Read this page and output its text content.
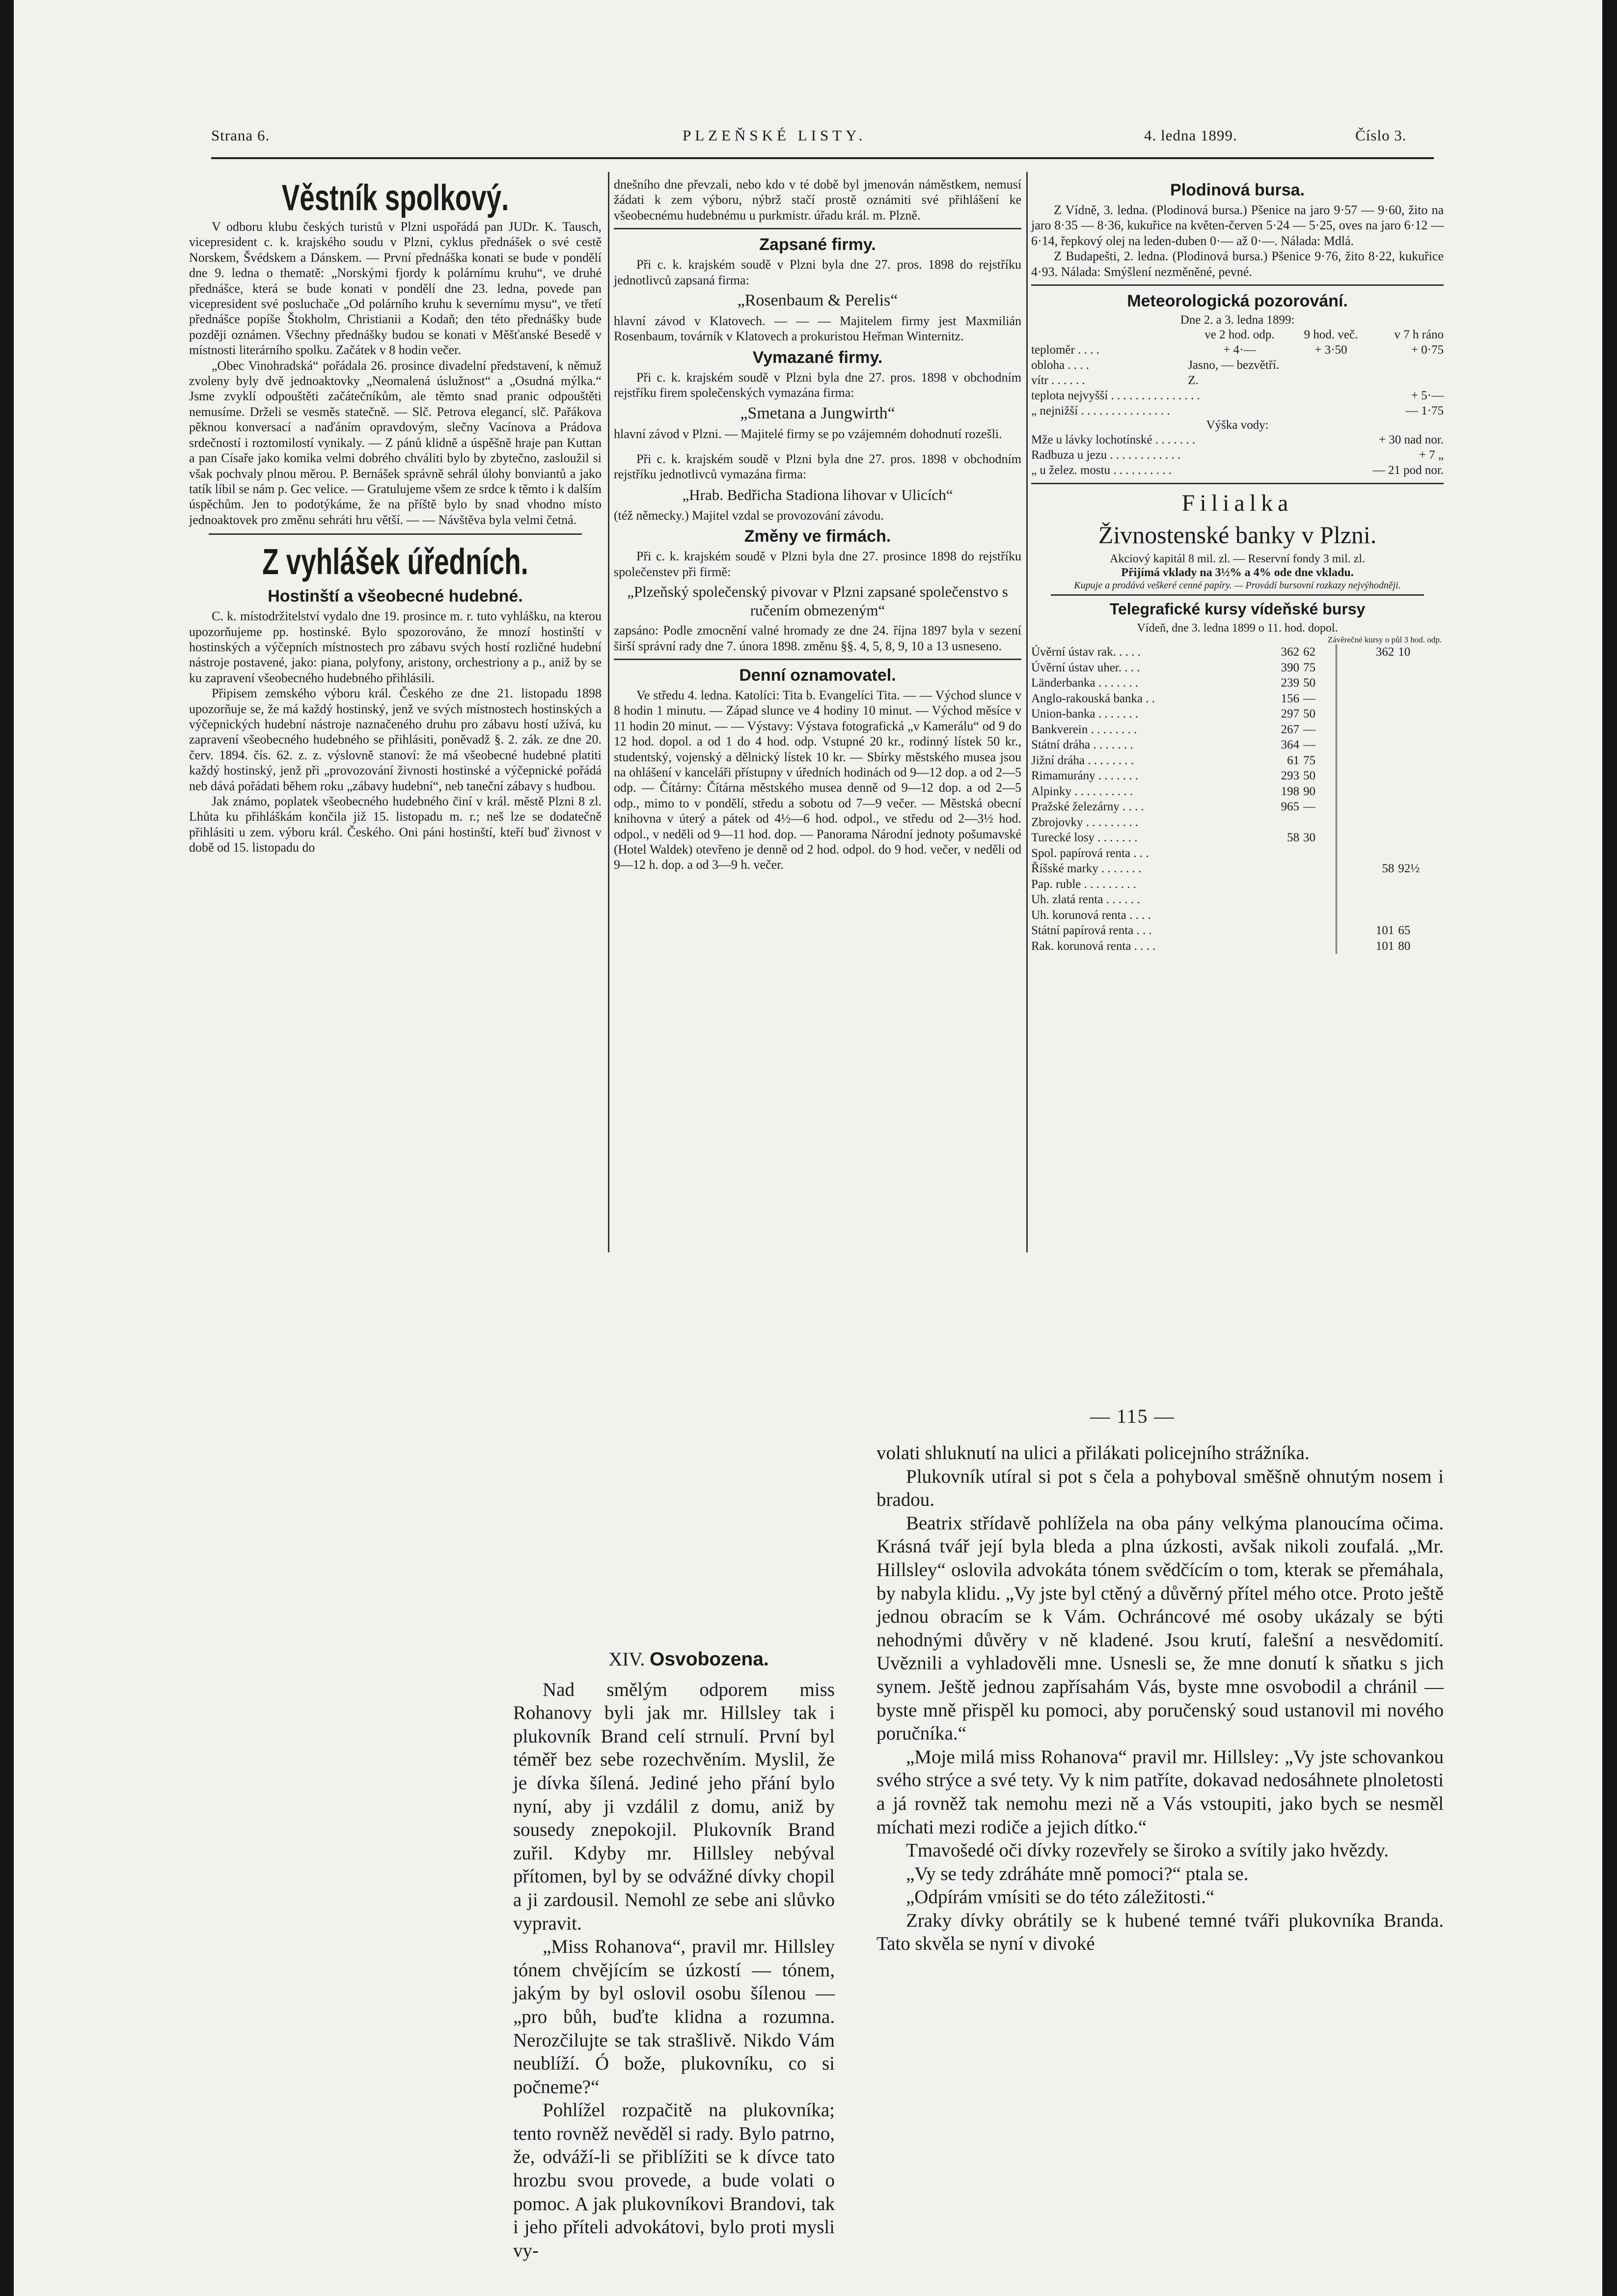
Strana 6.	PLZEŇSKÉ LISTY.	4. ledna 1899.	Číslo 3.
Věstník spolkový.

V odboru klubu českých turistů v Plzni uspořádá pan JUDr. K. Tausch, vicepresident c. k. krajského soudu v Plzni, cyklus přednášek o své cestě Norskem, Švédskem a Dánskem. — První přednáška konati se bude v pondělí dne 9. ledna o thematě: „Norskými fjordy k polárnímu kruhu“, ve druhé přednášce, která se bude konati v pondělí dne 23. ledna, povede pan vicepresident své posluchače „Od polárního kruhu k severnímu mysu“, ve třetí přednášce popíše Štokholm, Christianii a Kodaň; den této přednášky bude později oznámen. Všechny přednášky budou se konati v Měšťanské Besedě v místnosti literárního spolku. Začátek v 8 hodin večer.

„Obec Vinohradská“ pořádala 26. prosince divadelní představení, k němuž zvoleny byly dvě jednoaktovky „Neomalená úslužnost“ a „Osudná mýlka.“ Jsme zvyklí odpouštěti začátečníkům, ale těmto snad pranic odpouštěti nemusíme. Drželi se vesměs statečně. — Slč. Petrova elegancí, slč. Pařákova pěknou konversací a naďáním opravdovým, slečny Vacínova a Prádova srdečností i roztomilostí vynikaly. — Z pánů klidně a úspěšně hraje pan Kuttan a pan Císaře jako komika velmi dobrého chváliti bylo by zbytečno, zasloužil si však pochvaly plnou měrou. P. Bernášek správně sehrál úlohy bonviantů a jako tatík líbil se nám p. Gec velice. — Gratulujeme všem ze srdce k těmto i k dalším úspěchům. Jen to podotýkáme, že na příště bylo by snad vhodno místo jednoaktovek pro změnu sehráti hru větší. — — Návštěva byla velmi četná.

Z vyhlášek úředních.
Hostinští a všeobecné hudebné.

C. k. místodržitelství vydalo dne 19. prosince m. r. tuto vyhlášku, na kterou upozorňujeme pp. hostinské. Bylo spozorováno, že mnozí hostinští v hostinských a výčepních místnostech pro zábavu svých hostí rozličné hudební nástroje postavené, jako: piana, polyfony, aristony, orchestriony a p., aniž by se ku zapravení všeobecného hudebného přihlásili.

Připisem zemského výboru král. Českého ze dne 21. listopadu 1898 upozorňuje se, že má každý hostinský, jenž ve svých místnostech hostinských a výčepnických hudební nástroje naznačeného druhu pro zábavu hostí užívá, ku zapravení všeobecného hudebného se přihlásiti, poněvadž §. 2. zák. ze dne 20. červ. 1894. čís. 62. z. z. výslovně stanoví: že má všeobecné hudebné platiti každý hostinský, jenž při „provozování živnosti hostinské a výčepnické pořádá neb dává pořádati během roku „zábavy hudební“, neb taneční zábavy s hudbou.

Jak známo, poplatek všeobecného hudebného činí v král. městě Plzni 8 zl. Lhůta ku přihláškám končila již 15. listopadu m. r.; neš lze se dodatečně přihlásiti u zem. výboru král. Českého. Oni páni hostinští, kteří buď živnost v době od 15. listopadu do

dnešního dne převzali, nebo kdo v té době byl jmenován náměstkem, nemusí žádati k zem výboru, nýbrž stačí prostě oznámiti své přihlášení ke všeobecnému hudebnému u purkmistr. úřadu král. m. Plzně.

Zapsané firmy.

Při c. k. krajském soudě v Plzni byla dne 27. pros. 1898 do rejstříku jednotlivců zapsaná firma:

„Rosenbaum & Perelis“

hlavní závod v Klatovech. — — — Majitelem firmy jest Maxmilián Rosenbaum, továrník v Klatovech a prokuristou Heřman Winternitz.

Vymazané firmy.

Při c. k. krajském soudě v Plzni byla dne 27. pros. 1898 v obchodním rejstříku firem společenských vymazána firma:

„Smetana a Jungwirth“

hlavní závod v Plzni. — Majitelé firmy se po vzájemném dohodnutí rozešli.

Při c. k. krajském soudě v Plzni byla dne 27. pros. 1898 v obchodním rejstříku jednotlivců vymazána firma:

„Hrab. Bedřicha Stadiona lihovar v Ulicích“

(též německy.) Majitel vzdal se provozování závodu.

Změny ve firmách.

Při c. k. krajském soudě v Plzni byla dne 27. prosince 1898 do rejstříku společenstev při firmě:

„Plzeňský společenský pivovar v Plzni zapsané společenstvo s ručením obmezeným“

zapsáno: Podle zmocnění valné hromady ze dne 24. října 1897 byla v sezení širší správní rady dne 7. února 1898. změnu §§. 4, 5, 8, 9, 10 a 13 usneseno.

Denní oznamovatel.

Ve středu 4. ledna. Katolíci: Tita b. Evangelíci Tita. — — Východ slunce v 8 hodin 1 minutu. — Západ slunce ve 4 hodiny 10 minut. — Východ měsíce v 11 hodin 20 minut. — — Výstavy: Výstava fotografická „v Kamerálu“ od 9 do 12 hod. dopol. a od 1 do 4 hod. odp. Vstupné 20 kr., rodinný lístek 50 kr., studentský, vojenský a dělnický lístek 10 kr. — Sbírky městského musea jsou na ohlášení v kanceláři přístupny v úředních hodinách od 9—12 dop. a od 2—5 odp. — Čítárny: Čítárna městského musea denně od 9—12 dop. a od 2—5 odp., mimo to v pondělí, středu a sobotu od 7—9 večer. — Městská obecní knihovna v úterý a pátek od 4½—6 hod. odpol., ve středu od 2—3½ hod. odpol., v neděli od 9—11 hod. dop. — Panorama Národní jednoty pošumavské (Hotel Waldek) otevřeno je denně od 2 hod. odpol. do 9 hod. večer, v neděli od 9—12 h. dop. a od 3—9 h. večer.

Plodinová bursa.

Z Vídně, 3. ledna. (Plodinová bursa.) Pšenice na jaro 9·57 — 9·60, žito na jaro 8·35 — 8·36, kukuřice na květen-červen 5·24 — 5·25, oves na jaro 6·12 — 6·14, řepkový olej na leden-duben 0·— až 0·—. Nálada: Mdlá.

Z Budapešti, 2. ledna. (Plodinová bursa.) Pšenice 9·76, žito 8·22, kukuřice 4·93. Nálada: Smýšlení nezměněné, pevné.

Meteorologická pozorování.
Dne 2. a 3. ledna 1899:
	ve 2 hod. odp.	9 hod. več.	v 7 h ráno
teploměr . . . .	+ 4·—	+ 3·50	+ 0·75
obloha . . . .	Jasno, — bezvětří.		
vítr . . . . . .	Z.		
teplota nejvyšší . . . . . . . . . . . . . . .			+ 5·—
„ nejnižší . . . . . . . . . . . . . . .			— 1·75
Výška vody:
Mže u lávky lochotínské . . . . . . .	+ 30 nad nor.
Radbuza u jezu . . . . . . . . . . . .	+ 7 „
„ u želez. mostu . . . . . . . . . .	— 21 pod nor.
Filialka
Živnostenské banky v Plzni.
Akciový kapitál 8 mil. zl. — Reservní fondy 3 mil. zl.
Přijímá vklady na 3½% a 4% ode dne vkladu.
Kupuje a prodává veškeré cenné papíry. — Provádí bursovní rozkazy nejvýhodněji.
Telegrafické kursy vídeňské bursy
Vídeň, dne 3. ledna 1899 o 11. hod. dopol.
Závěrečné kursy o půl 3 hod. odp.
Úvěrní ústav rak. . . . .	362	62	362	10
Úvěrní ústav uher. . . .	390	75		
Länderbanka . . . . . . .	239	50		
Anglo-rakouská banka . .	156	—		
Union-banka . . . . . . .	297	50		
Bankverein . . . . . . . .	267	—		
Státní dráha . . . . . . .	364	—		
Jižní dráha . . . . . . . .	61	75		
Rimamurány . . . . . . .	293	50		
Alpinky . . . . . . . . . .	198	90		
Pražské železárny . . . .	965	—		
Zbrojovky . . . . . . . . .				
Turecké losy . . . . . . .	58	30		
Spol. papírová renta . . .				
Říšské marky . . . . . . .			58	92½
Pap. ruble . . . . . . . . .				
Uh. zlatá renta . . . . . .				
Uh. korunová renta . . . .				
Státní papírová renta . . .			101	65
Rak. korunová renta . . . .			101	80
— 115 —

XIV. Osvobozena.

Nad smělým odporem miss Rohanovy byli jak mr. Hillsley tak i plukovník Brand celí strnulí. První byl téměř bez sebe rozechvěním. Myslil, že je dívka šílená. Jediné jeho přání bylo nyní, aby ji vzdálil z domu, aniž by sousedy znepokojil. Plukovník Brand zuřil. Kdyby mr. Hillsley nebýval přítomen, byl by se odvážné dívky chopil a ji zardousil. Nemohl ze sebe ani slůvko vypravit.

„Miss Rohanova“, pravil mr. Hillsley tónem chvějícím se úzkostí — tónem, jakým by byl oslovil osobu šílenou — „pro bůh, buďte klidna a rozumna. Nerozčilujte se tak strašlivě. Nikdo Vám neublíží. Ó bože, plukovníku, co si počneme?“

Pohlížel rozpačitě na plukovníka; tento rovněž nevěděl si rady. Bylo patrno, že, odváží-li se přiblížiti se k dívce tato hrozbu svou provede, a bude volati o pomoc. A jak plukovníkovi Brandovi, tak i jeho příteli advokátovi, bylo proti mysli vy-

volati shluknutí na ulici a přilákati policejního strážníka.

Plukovník utíral si pot s čela a pohyboval směšně ohnutým nosem i bradou.

Beatrix střídavě pohlížela na oba pány velkýma planoucíma očima. Krásná tvář její byla bleda a plna úzkosti, avšak nikoli zoufalá. „Mr. Hillsley“ oslovila advokáta tónem svědčícím o tom, kterak se přemáhala, by nabyla klidu. „Vy jste byl ctěný a důvěrný přítel mého otce. Proto ještě jednou obracím se k Vám. Ochráncové mé osoby ukázaly se býti nehodnými důvěry v ně kladené. Jsou krutí, falešní a nesvědomití. Uvěznili a vyhladověli mne. Usnesli se, že mne donutí k sňatku s jich synem. Ještě jednou zapřísahám Vás, byste mne osvobodil a chránil — byste mně přispěl ku pomoci, aby poručenský soud ustanovil mi nového poručníka.“

„Moje milá miss Rohanova“ pravil mr. Hillsley: „Vy jste schovankou svého strýce a své tety. Vy k nim patříte, dokavad nedosáhnete plnoletosti a já rovněž tak nemohu mezi ně a Vás vstoupiti, jako bych se nesměl míchati mezi rodiče a jejich dítko.“

Tmavošedé oči dívky rozevřely se široko a svítily jako hvězdy.

„Vy se tedy zdráháte mně pomoci?“ ptala se.

„Odpírám vmísiti se do této záležitosti.“

Zraky dívky obrátily se k hubené temné tváři plukovníka Branda. Tato skvěla se nyní v divoké
